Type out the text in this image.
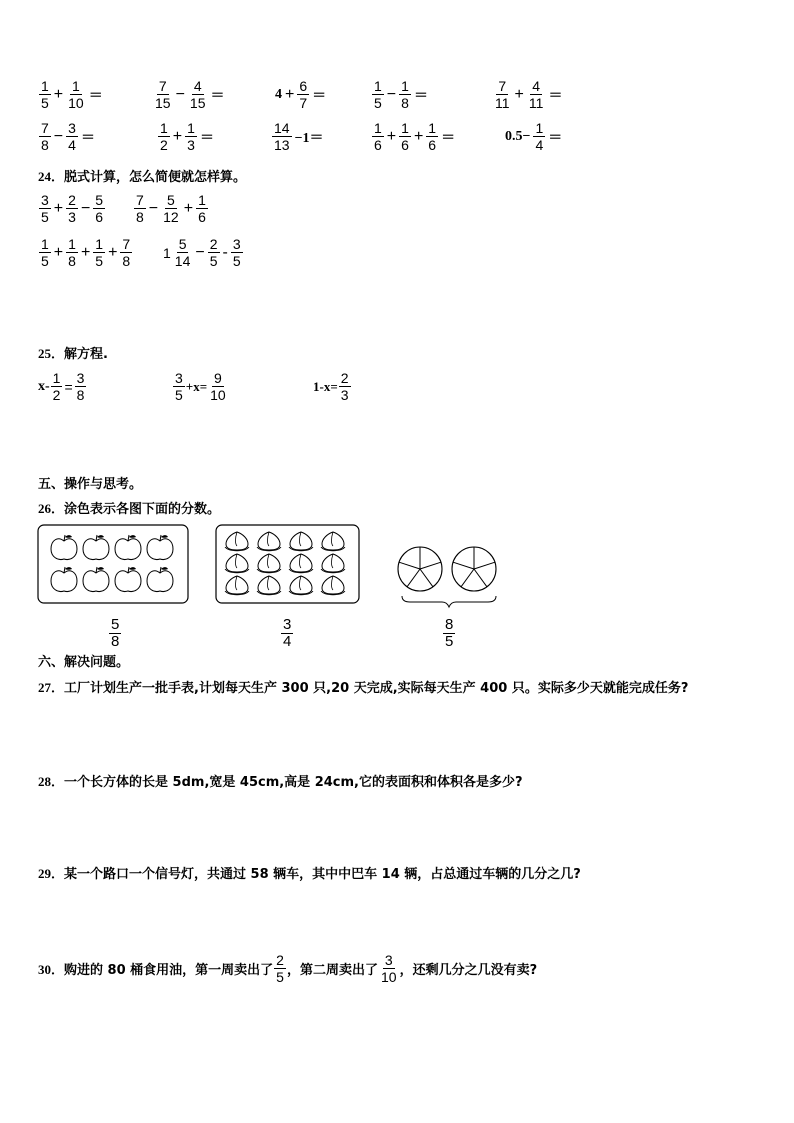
$\frac{1}{5} + \frac{1}{10}$ ＝	$\frac{7}{15} - \frac{4}{15}$ ＝	$4 + \frac{6}{7}$ ＝	$\frac{1}{5} - \frac{1}{8}$ ＝	$\frac{7}{11} + \frac{4}{11}$ ＝
$\frac{7}{8} - \frac{3}{4}$ ＝	$\frac{1}{2} + \frac{1}{3}$ ＝	$\frac{14}{13} -1=$	$\frac{1}{6} + \frac{1}{6} + \frac{1}{6}$ ＝	$0.5- \frac{1}{4}$ ＝
24．脱式计算，怎么简便就怎样算。
$\frac{3}{5} + \frac{2}{3} - \frac{5}{6} \frac{7}{8} - \frac{5}{12} + \frac{1}{6}$
$\frac{1}{5} + \frac{1}{8} + \frac{1}{5} + \frac{7}{8} 1 \frac{5}{14} - \frac{2}{5} - \frac{3}{5}$
25．解方程.
$x- \frac{1}{2} = \frac{3}{8}$	$\frac{3}{5} +x= \frac{9}{10}$	$1-x= \frac{2}{3}$
五、操作与思考。
26．涂色表示各图下面的分数。
$\frac{5}{8}$	$\frac{3}{4}$	$\frac{8}{5}$
六、解决问题。
27．工厂计划生产一批手表,计划每天生产 300 只,20 天完成,实际每天生产 400 只。实际多少天就能完成任务?
28．一个长方体的长是 5dm,宽是 45cm,高是 24cm,它的表面积和体积各是多少?
29．某一个路口一个信号灯，共通过 58 辆车，其中中巴车 14 辆，占总通过车辆的几分之几?
30． 购进的 80 桶食用油，第一周卖出了 $\frac{2}{5}$ ，第二周卖出了 $\frac{3}{10}$ ，还剩几分之几没有卖?
